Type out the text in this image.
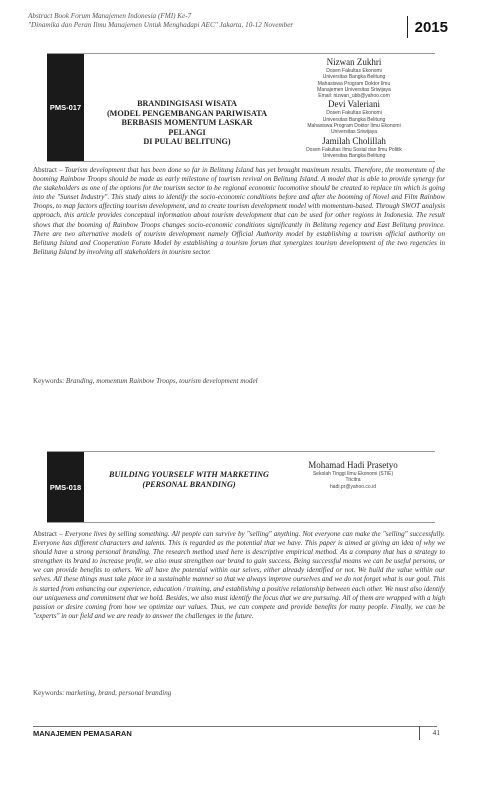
Abstract Book Forum Manajemen Indonesia (FMI) Ke-7
"Dinamika dan Peran Ilmu Manajemen Untuk Menghadapi AEC" Jakarta, 10-12 November	2015
PMS-017	BRANDINGISASI WISATA
(MODEL PENGEMBANGAN PARIWISATA
BERBASIS MOMENTUM LASKAR PELANGI
DI PULAU BELITUNG)
Nizwan Zukhri
Dosen Fakultas Ekonomi
Universitas Bangka Belitung
Mahasiswa Program Doktor Ilmu
Manajemen Universitas Sriwijaya
Email: nizwan_ubb@yahoo.com
Devi Valeriani
Dosen Fakultas Ekonomi
Universitas Bangka Belitung
Mahasiswa Program Doktor Ilmu Ekonomi
Universitas Sriwijaya
Jamilah Cholillah
Dosen Fakultas Ilmu Sosial dan Ilmu Politik
Universitas Bangka Belitung
Abstract – Tourism development that has been done so far in Belitung Island has yet brought maximum results. Therefore, the momentum of the booming Rainbow Troops should be made as early milestone of tourism revival on Belitung Island. A model that is able to provide synergy for the stakeholders as one of the options for the tourism sector to be regional economic locomotive should be created to replace tin which is going into the "Sunset Industry". This study aims to identify the socio-economic conditions before and after the booming of Novel and Film Rainbow Troops, to map factors affecting tourism development, and to create tourism development model with momentum-based. Through SWOT analysis approach, this article provides conceptual information about tourism development that can be used for other regions in Indonesia. The result shows that the booming of Rainbow Troops changes socio-economic conditions significantly in Belitung regency and East Belitung province. There are two alternative models of tourism development namely Official Authority model by establishing a tourism official authority on Belitung Island and Cooperation Forum Model by establishing a tourism forum that synergizes tourism development of the two regencies in Belitung Island by involving all stakeholders in tourism sector.
Keywords: Branding, momentum Rainbow Troops, tourism development model
PMS-018
BUILDING YOURSELF WITH MARKETING
(PERSONAL BRANDING)
Mohamad Hadi Prasetyo
Sekolah Tinggi Ilmu Ekonomi (STIE)
Tricitra
hadi.pr@yahoo.co.id
Abstract – Everyone lives by selling something. All people can survive by "selling" anything. Not everyone can make the "selling" successfully. Everyone has different characters and talents. This is regarded as the potential that we have. This paper is aimed at giving an idea of why we should have a strong personal branding. The research method used here is descriptive empirical method. As a company that has a strategy to strengthen its brand to increase profit, we also must strengthen our brand to gain success. Being successful means we can be useful persons, or we can provide benefits to others. We all have the potential within our selves, either already identified or not. We build the value within our selves. All these things must take place in a sustainable manner so that we always improve ourselves and we do not forget what is our goal. This is started from enhancing our experience, education / training, and establishing a positive relationship between each other. We must also identify our uniqueness and commitment that we hold. Besides, we also must identify the focus that we are pursuing. All of them are wrapped with a high passion or desire coming from how we optimize our values. Thus, we can compete and provide benefits for many people. Finally, we can be "experts" in our field and we are ready to answer the challenges in the future.
Keywords: marketing, brand, personal branding
MANAJEMEN PEMASARAN	41
